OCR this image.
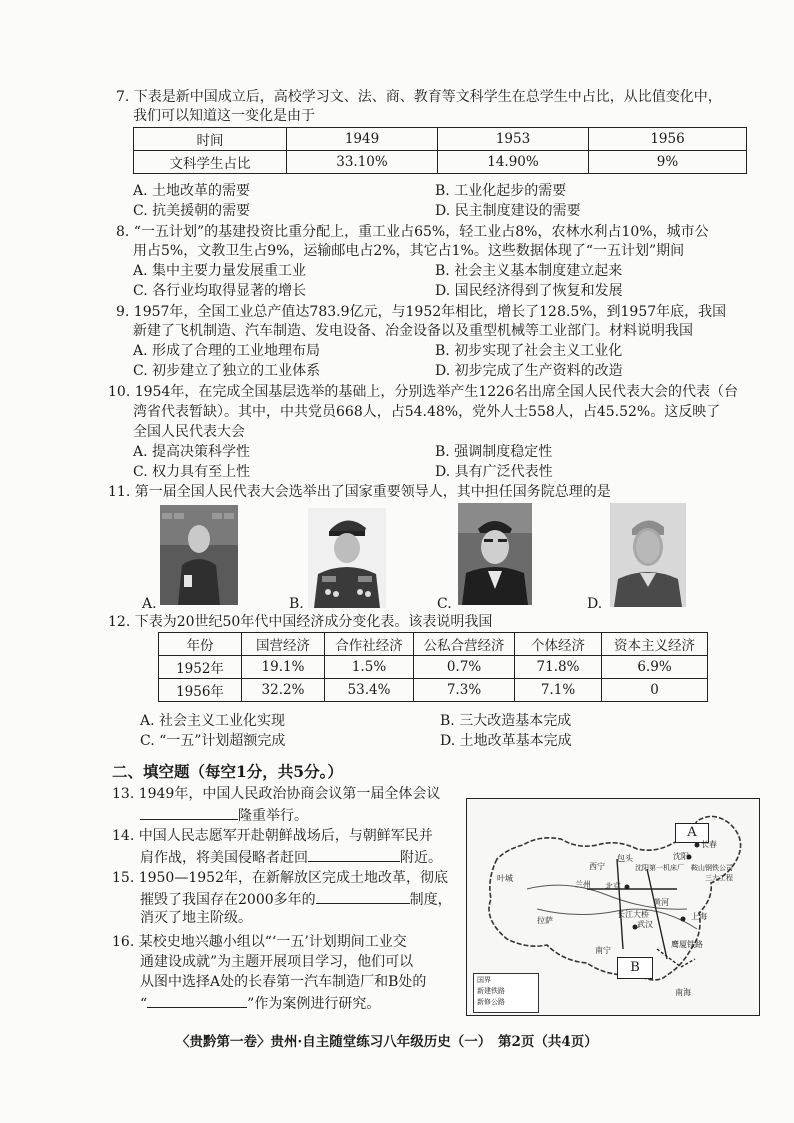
7. 下表是新中国成立后，高校学习文、法、商、教育等文科学生在总学生中占比，从比值变化中，
我们可以知道这一变化是由于
时间	1949	1953	1956
文科学生占比	33.10%	14.90%	9%
A. 土地改革的需要	B. 工业化起步的需要
C. 抗美援朝的需要	D. 民主制度建设的需要
8. “一五计划”的基建投资比重分配上，重工业占65%，轻工业占8%，农林水利占10%，城市公
用占5%，文教卫生占9%，运输邮电占2%，其它占1%。这些数据体现了“一五计划”期间
A. 集中主要力量发展重工业	B. 社会主义基本制度建立起来
C. 各行业均取得显著的增长	D. 国民经济得到了恢复和发展
9. 1957年，全国工业总产值达783.9亿元，与1952年相比，增长了128.5%，到1957年底，我国
新建了飞机制造、汽车制造、发电设备、冶金设备以及重型机械等工业部门。材料说明我国
A. 形成了合理的工业地理布局	B. 初步实现了社会主义工业化
C. 初步建立了独立的工业体系	D. 初步完成了生产资料的改造
10. 1954年，在完成全国基层选举的基础上，分别选举产生1226名出席全国人民代表大会的代表（台
湾省代表暂缺）。其中，中共党员668人，占54.48%，党外人士558人，占45.52%。这反映了
全国人民代表大会
A. 提高决策科学性	B. 强调制度稳定性
C. 权力具有至上性	D. 具有广泛代表性
11. 第一届全国人民代表大会选举出了国家重要领导人，其中担任国务院总理的是
A.	B.	C.	D.
12. 下表为20世纪50年代中国经济成分变化表。该表说明我国
年份	国营经济	合作社经济	公私合营经济	个体经济	资本主义经济
1952年	19.1%	1.5%	0.7%	71.8%	6.9%
1956年	32.2%	53.4%	7.3%	7.1%	0
A. 社会主义工业化实现	B. 三大改造基本完成
C. “一五”计划超额完成	D. 土地改革基本完成
二、填空题（每空1分，共5分。）
13. 1949年，中国人民政治协商会议第一届全体会议
隆重举行。
14. 中国人民志愿军开赴朝鲜战场后，与朝鲜军民并
肩作战，将美国侵略者赶回	附近。
15. 1950—1952年，在新解放区完成土地改革，彻底
摧毁了我国存在2000多年的	制度，
消灭了地主阶级。
16. 某校史地兴趣小组以“‘一五’计划期间工业交
通建设成就”为主题开展项目学习，他们可以
从图中选择A处的长春第一汽车制造厂和B处的
“	”作为案例进行研究。
A
B
沈阳
长春
北京
沈阳第一机床厂 鞍山钢铁公司
三大工程
西宁
包头
兰州
叶城
拉萨
长江大桥
黄河
鹰厦铁路
南海
南宁
上海
武汉
国界
新建铁路
新修公路
〈贵黔第一卷〉贵州·自主随堂练习八年级历史（一）　第2页（共4页）
